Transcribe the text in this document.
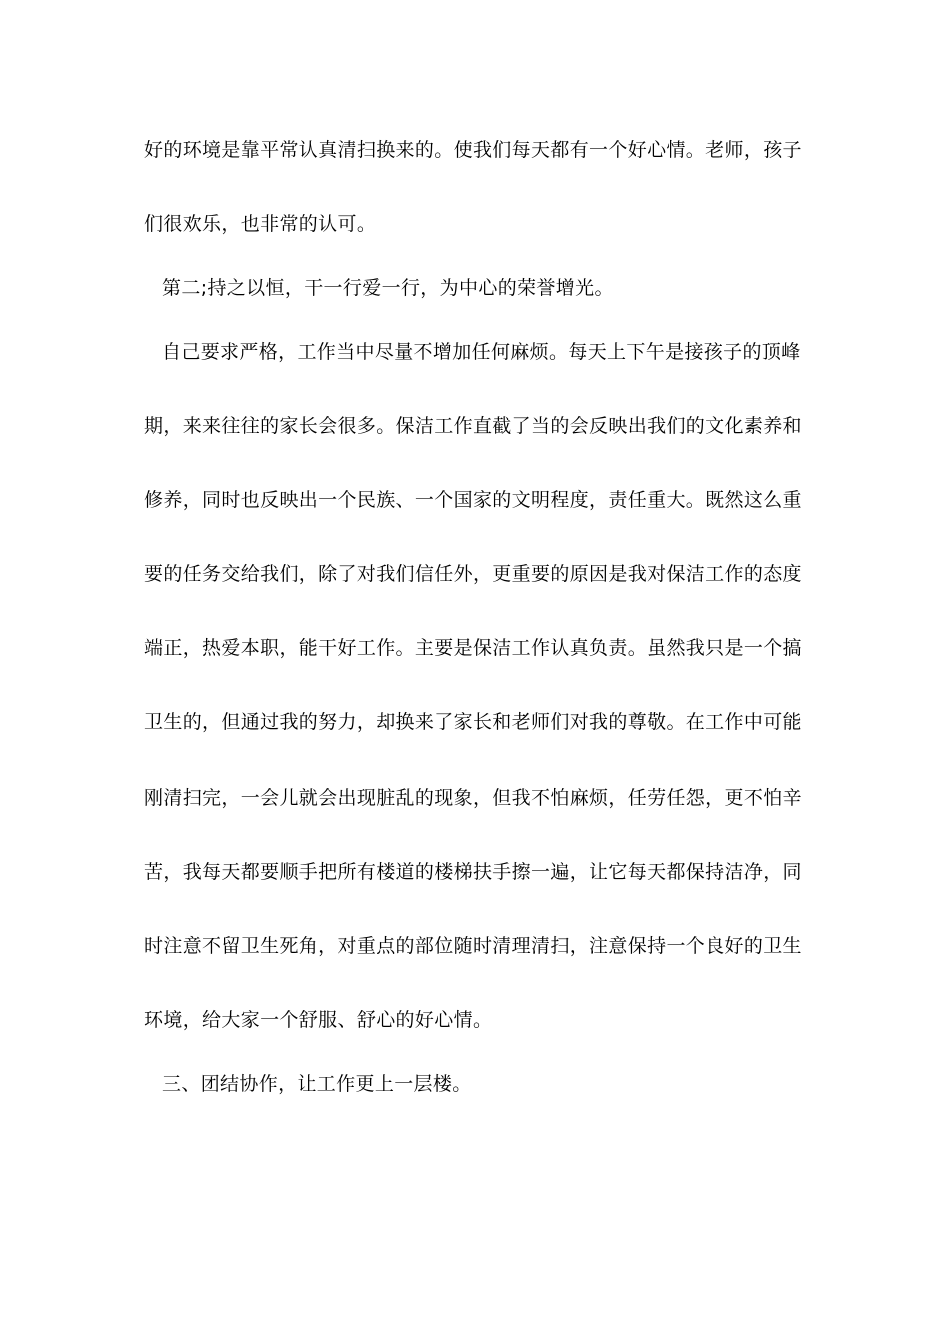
好的环境是靠平常认真清扫换来的。使我们每天都有一个好心情。老师，孩子
们很欢乐，也非常的认可。
第二;持之以恒，干一行爱一行，为中心的荣誉增光。
自己要求严格，工作当中尽量不增加任何麻烦。每天上下午是接孩子的顶峰
期，来来往往的家长会很多。保洁工作直截了当的会反映出我们的文化素养和
修养，同时也反映出一个民族、一个国家的文明程度，责任重大。既然这么重
要的任务交给我们，除了对我们信任外，更重要的原因是我对保洁工作的态度
端正，热爱本职，能干好工作。主要是保洁工作认真负责。虽然我只是一个搞
卫生的，但通过我的努力，却换来了家长和老师们对我的尊敬。在工作中可能
刚清扫完，一会儿就会出现脏乱的现象，但我不怕麻烦，任劳任怨，更不怕辛
苦，我每天都要顺手把所有楼道的楼梯扶手擦一遍，让它每天都保持洁净，同
时注意不留卫生死角，对重点的部位随时清理清扫，注意保持一个良好的卫生
环境，给大家一个舒服、舒心的好心情。
三、团结协作，让工作更上一层楼。
